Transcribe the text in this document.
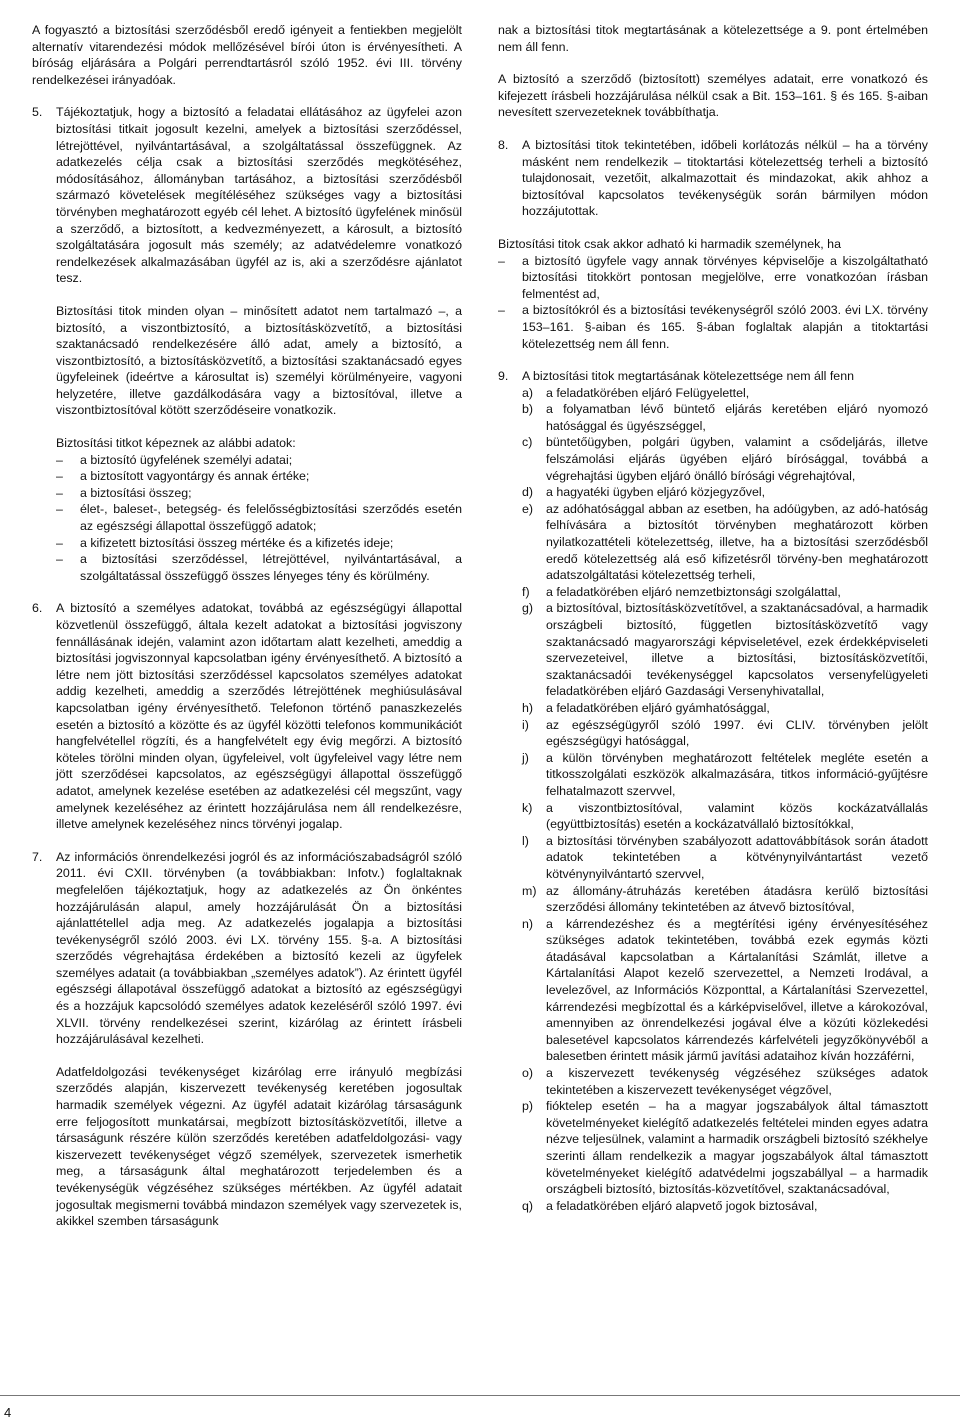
A fogyasztó a biztosítási szerződésből eredő igényeit a fentiekben megjelölt alternatív vitarendezési módok mellőzésével bírói úton is érvényesítheti. A bíróság eljárására a Polgári perrendtartásról szóló 1952. évi III. törvény rendelkezései irányadóak.

5. Tájékoztatjuk, hogy a biztosító a feladatai ellátásához az ügyfelei azon biztosítási titkait jogosult kezelni, amelyek a biztosítási szerződéssel, létrejöttével, nyilvántartásával, a szolgáltatással összefüggnek. Az adatkezelés célja csak a biztosítási szerződés megkötéséhez, módosításához, állományban tartásához, a biztosítási szerződésből származó követelések megítéléséhez szükséges vagy a biztosítási törvényben meghatározott egyéb cél lehet. A biztosító ügyfelének minősül a szerződő, a biztosított, a kedvezményezett, a károsult, a biztosító szolgáltatására jogosult más személy; az adatvédelemre vonatkozó rendelkezések alkalmazásában ügyfél az is, aki a szerződésre ajánlatot tesz.

Biztosítási titok minden olyan – minősített adatot nem tartalmazó –, a biztosító, a viszontbiztosító, a biztosításközvetítő, a biztosítási szaktanácsadó rendelkezésére álló adat, amely a biztosító, a viszontbiztosító, a biztosításközvetítő, a biztosítási szaktanácsadó egyes ügyfeleinek (ideértve a károsultat is) személyi körülményeire, vagyoni helyzetére, illetve gazdálkodására vagy a biztosítóval, illetve a viszontbiztosítóval kötött szerződéseire vonatkozik.

Biztosítási titkot képeznek az alábbi adatok:

– a biztosító ügyfelének személyi adatai;
– a biztosított vagyontárgy és annak értéke;
– a biztosítási összeg;
– élet-, baleset-, betegség- és felelősségbiztosítási szerződés esetén az egészségi állapottal összefüggő adatok;
– a kifizetett biztosítási összeg mértéke és a kifizetés ideje;
– a biztosítási szerződéssel, létrejöttével, nyilvántartásával, a szolgáltatással összefüggő összes lényeges tény és körülmény.
6. A biztosító a személyes adatokat, továbbá az egészségügyi állapottal közvetlenül összefüggő, általa kezelt adatokat a biztosítási jogviszony fennállásának idején, valamint azon időtartam alatt kezelheti, ameddig a biztosítási jogviszonnyal kapcsolatban igény érvényesíthető. A biztosító a létre nem jött biztosítási szerződéssel kapcsolatos személyes adatokat addig kezelheti, ameddig a szerződés létrejöttének meghiúsulásával kapcsolatban igény érvényesíthető. Telefonon történő panaszkezelés esetén a biztosító a közötte és az ügyfél közötti telefonos kommunikációt hangfelvétellel rögzíti, és a hangfelvételt egy évig megőrzi. A biztosító köteles törölni minden olyan, ügyfeleivel, volt ügyfeleivel vagy létre nem jött szerződései kapcsolatos, az egészségügyi állapottal összefüggő adatot, amelynek kezelése esetében az adatkezelési cél megszűnt, vagy amelynek kezeléséhez az érintett hozzájárulása nem áll rendelkezésre, illetve amelynek kezeléséhez nincs törvényi jogalap.

7. Az információs önrendelkezési jogról és az információszabadságról szóló 2011. évi CXII. törvényben (a továbbiakban: Infotv.) foglaltaknak megfelelően tájékoztatjuk, hogy az adatkezelés az Ön önkéntes hozzájárulásán alapul, amely hozzájárulását Ön a biztosítási ajánlattétellel adja meg. Az adatkezelés jogalapja a biztosítási tevékenységről szóló 2003. évi LX. törvény 155. §-a. A biztosítási szerződés végrehajtása érdekében a biztosító kezeli az ügyfelek személyes adatait (a továbbiakban „személyes adatok”). Az érintett ügyfél egészségi állapotával összefüggő adatokat a biztosító az egészségügyi és a hozzájuk kapcsolódó személyes adatok kezeléséről szóló 1997. évi XLVII. törvény rendelkezései szerint, kizárólag az érintett írásbeli hozzájárulásával kezelheti.

Adatfeldolgozási tevékenységet kizárólag erre irányuló megbízási szerződés alapján, kiszervezett tevékenység keretében jogosultak harmadik személyek végezni. Az ügyfél adatait kizárólag társaságunk erre feljogosított munkatársai, megbízott biztosításközvetítői, illetve a társaságunk részére külön szerződés keretében adatfeldolgozási- vagy kiszervezett tevékenységet végző személyek, szervezetek ismerhetik meg, a társaságunk által meghatározott terjedelemben és a tevékenységük végzéséhez szükséges mértékben. Az ügyfél adatait jogosultak megismerni továbbá mindazon személyek vagy szervezetek is, akikkel szemben társaságunk

nak a biztosítási titok megtartásának a kötelezettsége a 9. pont értelmében nem áll fenn.

A biztosító a szerződő (biztosított) személyes adatait, erre vonatkozó és kifejezett írásbeli hozzájárulása nélkül csak a Bit. 153–161. § és 165. §-aiban nevesített szervezeteknek továbbíthatja.

8. A biztosítási titok tekintetében, időbeli korlátozás nélkül – ha a törvény másként nem rendelkezik – titoktartási kötelezettség terheli a biztosító tulajdonosait, vezetőit, alkalmazottait és mindazokat, akik ahhoz a biztosítóval kapcsolatos tevékenységük során bármilyen módon hozzájutottak.

Biztosítási titok csak akkor adható ki harmadik személynek, ha

– a biztosító ügyfele vagy annak törvényes képviselője a kiszolgáltatható biztosítási titokkört pontosan megjelölve, erre vonatkozóan írásban felmentést ad,
– a biztosítókról és a biztosítási tevékenységről szóló 2003. évi LX. törvény 153–161. §-aiban és 165. §-ában foglaltak alapján a titoktartási kötelezettség nem áll fenn.
9. A biztosítási titok megtartásának kötelezettsége nem áll fenn

a) a feladatkörében eljáró Felügyelettel,
b) a folyamatban lévő büntető eljárás keretében eljáró nyomozó hatósággal és ügyészséggel,
c) büntetőügyben, polgári ügyben, valamint a csődeljárás, illetve felszámolási eljárás ügyében eljáró bírósággal, továbbá a végrehajtási ügyben eljáró önálló bírósági végrehajtóval,
d) a hagyatéki ügyben eljáró közjegyzővel,
e) az adóhatósággal abban az esetben, ha adóügyben, az adó-hatóság felhívására a biztosítót törvényben meghatározott körben nyilatkozattételi kötelezettség, illetve, ha a biztosítási szerződésből eredő kötelezettség alá eső kifizetésről törvény-ben meghatározott adatszolgáltatási kötelezettség terheli,
f) a feladatkörében eljáró nemzetbiztonsági szolgálattal,
g) a biztosítóval, biztosításközvetítővel, a szaktanácsadóval, a harmadik országbeli biztosító, független biztosításközvetítő vagy szaktanácsadó magyarországi képviseletével, ezek érdekképviseleti szervezeteivel, illetve a biztosítási, biztosításközvetítői, szaktanácsadói tevékenységgel kapcsolatos versenyfelügyeleti feladatkörében eljáró Gazdasági Versenyhivatallal,
h) a feladatkörében eljáró gyámhatósággal,
i) az egészségügyről szóló 1997. évi CLIV. törvényben jelölt egészségügyi hatósággal,
j) a külön törvényben meghatározott feltételek megléte esetén a titkosszolgálati eszközök alkalmazására, titkos információ-gyűjtésre felhatalmazott szervvel,
k) a viszontbiztosítóval, valamint közös kockázatvállalás (együttbiztosítás) esetén a kockázatvállaló biztosítókkal,
l) a biztosítási törvényben szabályozott adattovábbítások során átadott adatok tekintetében a kötvénynyilvántartást vezető kötvénynyilvántartó szervvel,
m) az állomány-átruházás keretében átadásra kerülő biztosítási szerződési állomány tekintetében az átvevő biztosítóval,
n) a kárrendezéshez és a megtérítési igény érvényesítéséhez szükséges adatok tekintetében, továbbá ezek egymás közti átadásával kapcsolatban a Kártalanítási Számlát, illetve a Kártalanítási Alapot kezelő szervezettel, a Nemzeti Irodával, a levelezővel, az Információs Központtal, a Kártalanítási Szervezettel, kárrendezési megbízottal és a kárképviselővel, illetve a károkozóval, amennyiben az önrendelkezési jogával élve a közúti közlekedési balesetével kapcsolatos kárrendezés kárfelvételi jegyzőkönyvéből a balesetben érintett másik jármű javítási adataihoz kíván hozzáférni,
o) a kiszervezett tevékenység végzéséhez szükséges adatok tekintetében a kiszervezett tevékenységet végzővel,
p) fióktelep esetén – ha a magyar jogszabályok által támasztott követelményeket kielégítő adatkezelés feltételei minden egyes adatra nézve teljesülnek, valamint a harmadik országbeli biztosító székhelye szerinti állam rendelkezik a magyar jogszabályok által támasztott követelményeket kielégítő adatvédelmi jogszabállyal – a harmadik országbeli biztosító, biztosítás-közvetítővel, szaktanácsadóval,
q) a feladatkörében eljáró alapvető jogok biztosával,
4
